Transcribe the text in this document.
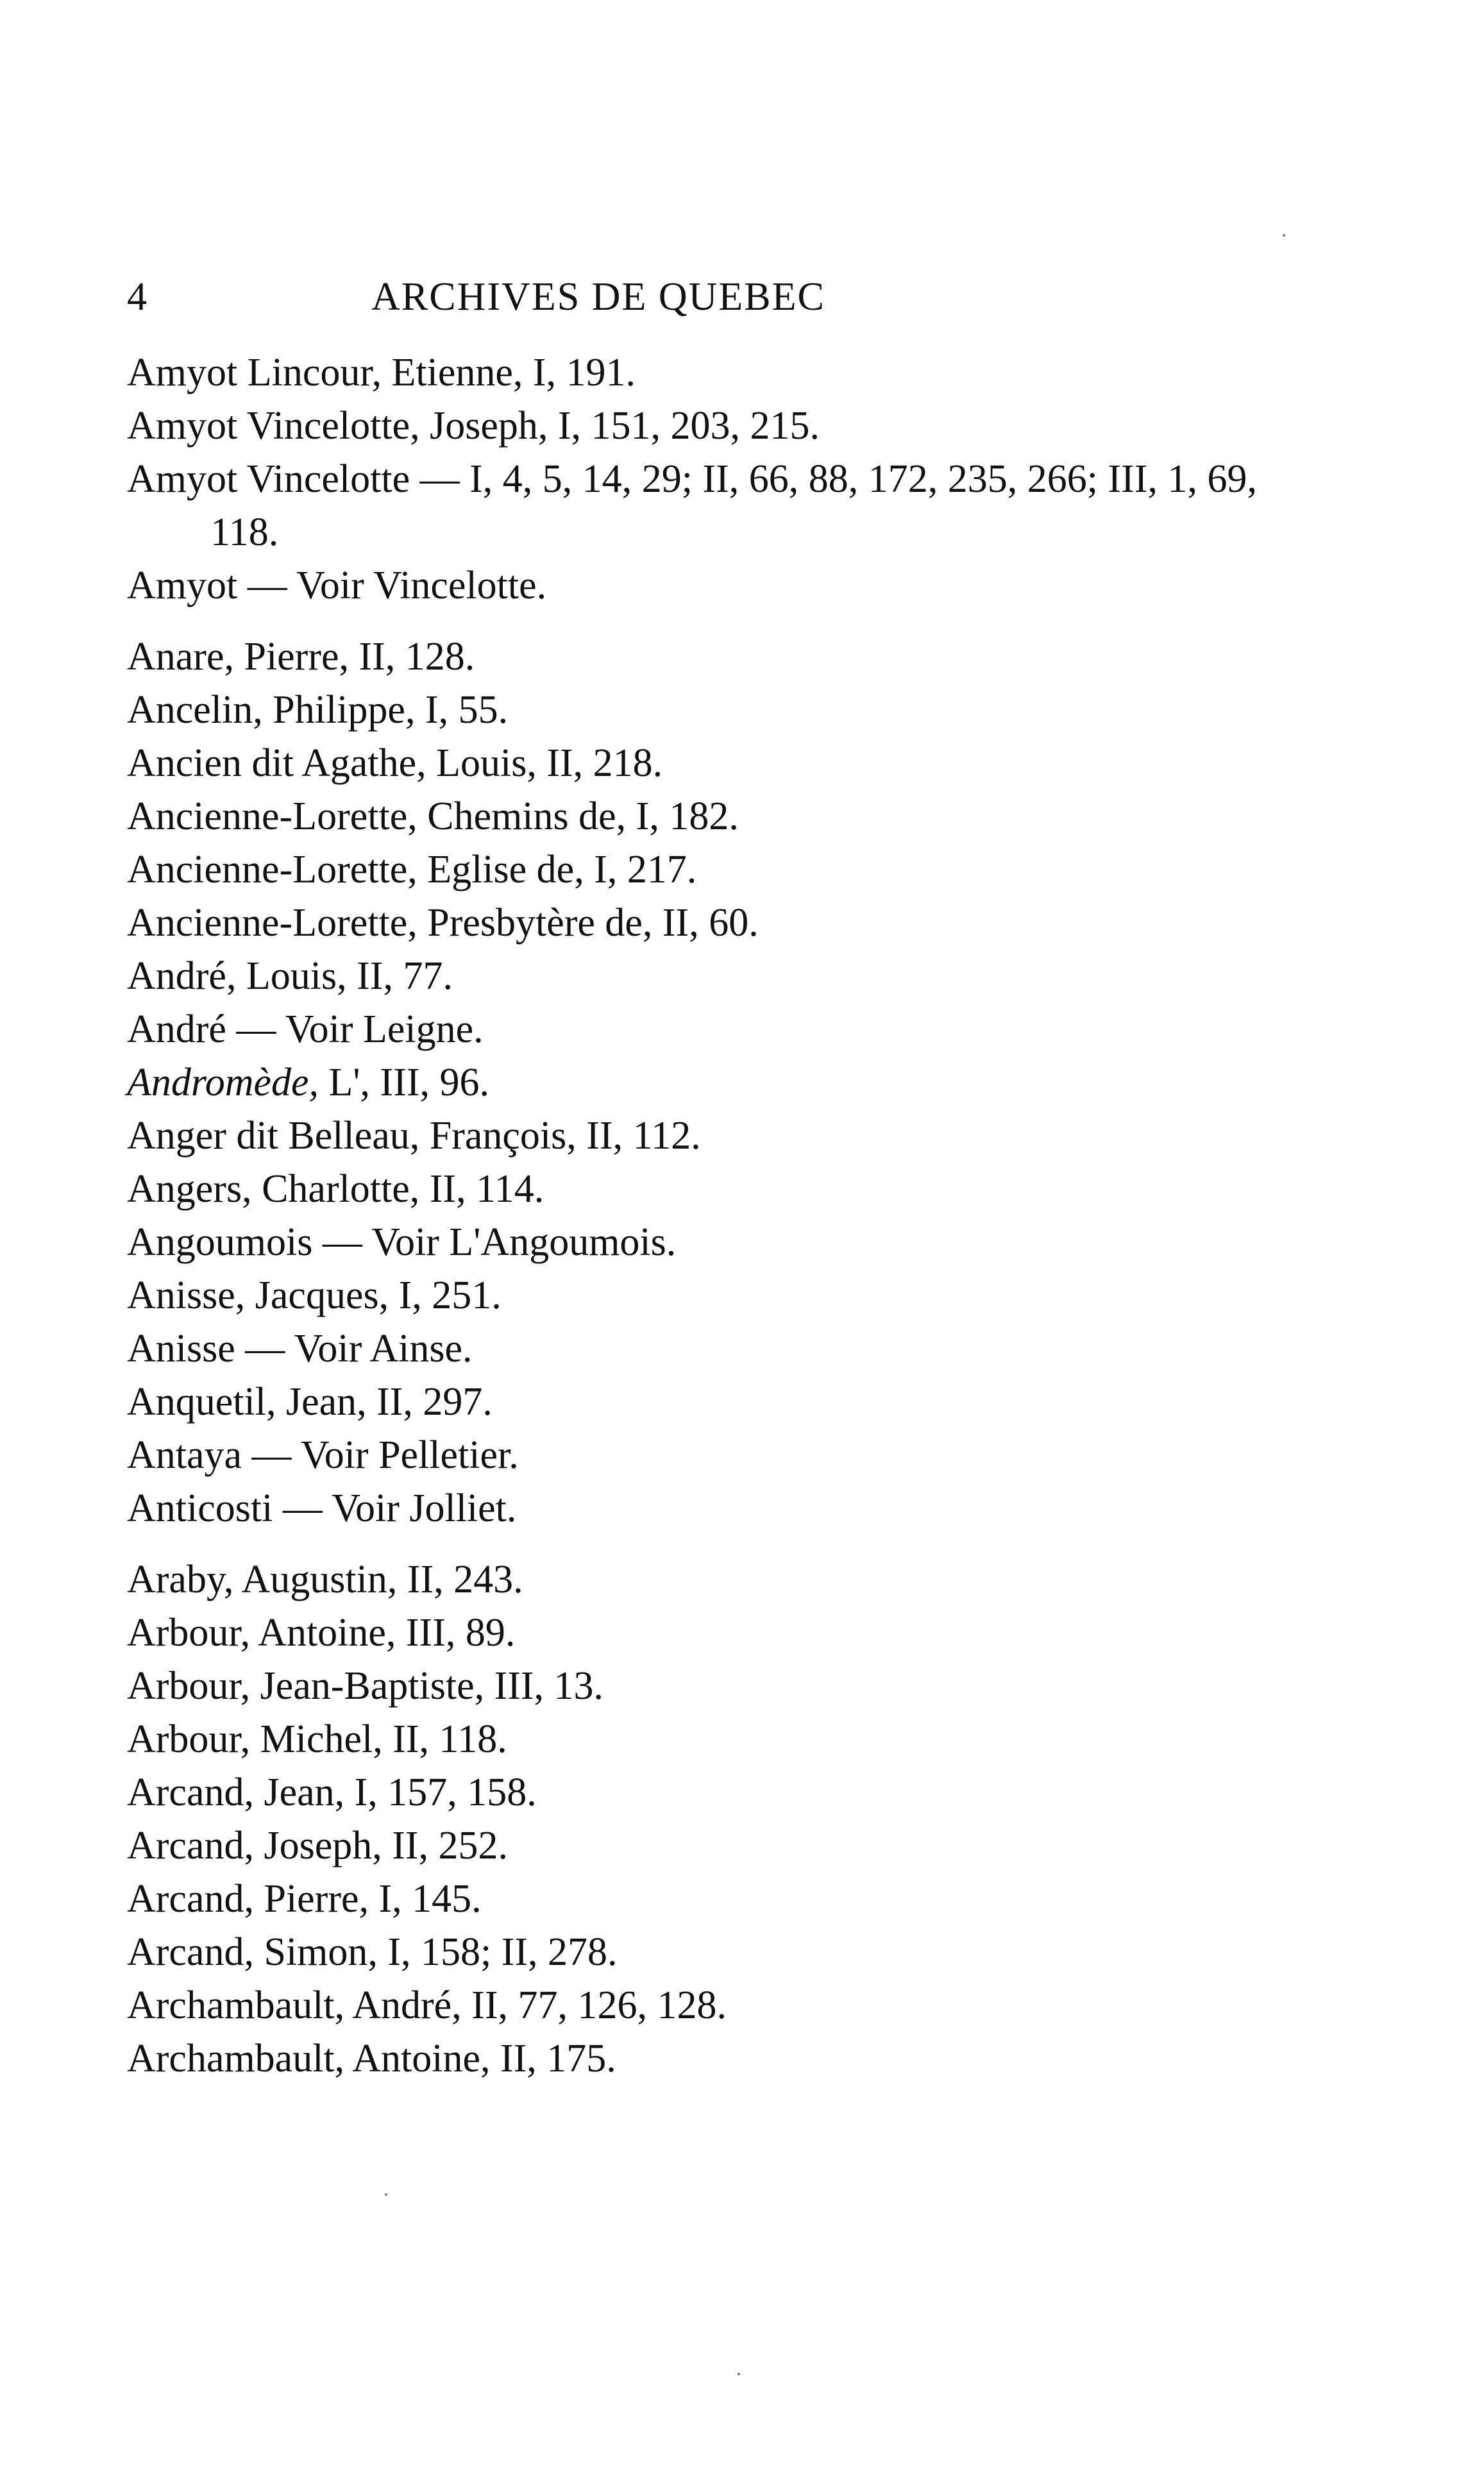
4	ARCHIVES DE QUEBEC
Amyot Lincour, Etienne, I, 191.
Amyot Vincelotte, Joseph, I, 151, 203, 215.
Amyot Vincelotte — I, 4, 5, 14, 29; II, 66, 88, 172, 235, 266; III, 1, 69, 118.
Amyot — Voir Vincelotte.
Anare, Pierre, II, 128.
Ancelin, Philippe, I, 55.
Ancien dit Agathe, Louis, II, 218.
Ancienne-Lorette, Chemins de, I, 182.
Ancienne-Lorette, Eglise de, I, 217.
Ancienne-Lorette, Presbytère de, II, 60.
André, Louis, II, 77.
André — Voir Leigne.
Andromède, L', III, 96.
Anger dit Belleau, François, II, 112.
Angers, Charlotte, II, 114.
Angoumois — Voir L'Angoumois.
Anisse, Jacques, I, 251.
Anisse — Voir Ainse.
Anquetil, Jean, II, 297.
Antaya — Voir Pelletier.
Anticosti — Voir Jolliet.
Araby, Augustin, II, 243.
Arbour, Antoine, III, 89.
Arbour, Jean-Baptiste, III, 13.
Arbour, Michel, II, 118.
Arcand, Jean, I, 157, 158.
Arcand, Joseph, II, 252.
Arcand, Pierre, I, 145.
Arcand, Simon, I, 158; II, 278.
Archambault, André, II, 77, 126, 128.
Archambault, Antoine, II, 175.
